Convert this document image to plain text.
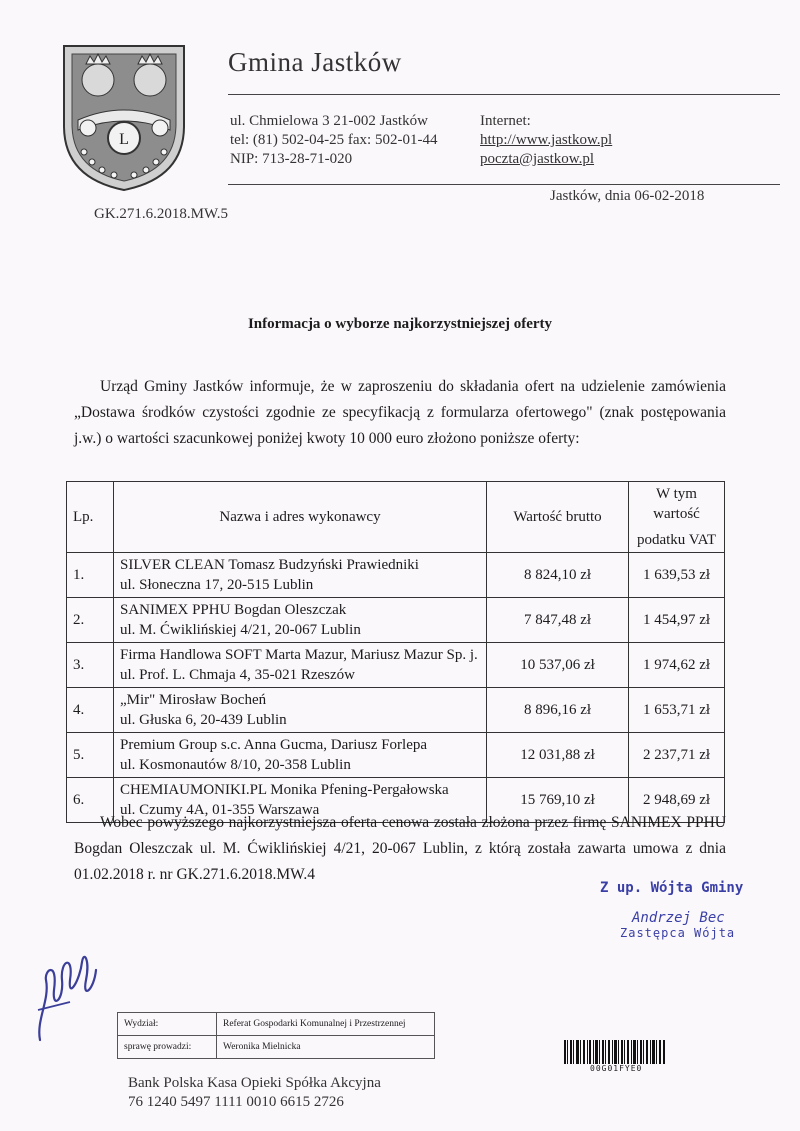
L
Gmina Jastków
ul. Chmielowa 3 21-002 Jastków
tel: (81) 502-04-25 fax: 502-01-44
NIP: 713-28-71-020
Internet:
http://www.jastkow.pl
poczta@jastkow.pl
Jastków, dnia 06-02-2018
GK.271.6.2018.MW.5
Informacja o wyborze najkorzystniejszej oferty
Urząd Gminy Jastków informuje, że w zaproszeniu do składania ofert na udzielenie zamówienia „Dostawa środków czystości zgodnie ze specyfikacją z formularza ofertowego" (znak postępowania j.w.) o wartości szacunkowej poniżej kwoty 10 000 euro złożono poniższe oferty:
Lp.	Nazwa i adres wykonawcy	Wartość brutto	W tym wartość
podatku VAT

1.	SILVER CLEAN Tomasz Budzyński Prawiedniki
ul. Słoneczna 17, 20-515 Lublin	8 824,10 zł	1 639,53 zł
2.	SANIMEX PPHU Bogdan Oleszczak
ul. M. Ćwiklińskiej 4/21, 20-067 Lublin	7 847,48 zł	1 454,97 zł
3.	Firma Handlowa SOFT Marta Mazur, Mariusz Mazur Sp. j.
ul. Prof. L. Chmaja 4, 35-021 Rzeszów	10 537,06 zł	1 974,62 zł
4.	„Mir" Mirosław Bocheń
ul. Głuska 6, 20-439 Lublin	8 896,16 zł	1 653,71 zł
5.	Premium Group s.c. Anna Gucma, Dariusz Forlepa
ul. Kosmonautów 8/10, 20-358 Lublin	12 031,88 zł	2 237,71 zł
6.	CHEMIAUMONIKI.PL Monika Pfening-Pergałowska
ul. Czumy 4A, 01-355 Warszawa	15 769,10 zł	2 948,69 zł
Wobec powyższego najkorzystniejsza oferta cenowa została złożona przez firmę SANIMEX PPHU Bogdan Oleszczak ul. M. Ćwiklińskiej 4/21, 20-067 Lublin, z którą została zawarta umowa z dnia 01.02.2018 r. nr GK.271.6.2018.MW.4
Z up. Wójta Gminy
Andrzej Bec
Zastępca Wójta
Wydział:	Referat Gospodarki Komunalnej i Przestrzennej
sprawę prowadzi:	Weronika Mielnicka
00G01FYE0
Bank Polska Kasa Opieki Spółka Akcyjna
76 1240 5497 1111 0010 6615 2726
